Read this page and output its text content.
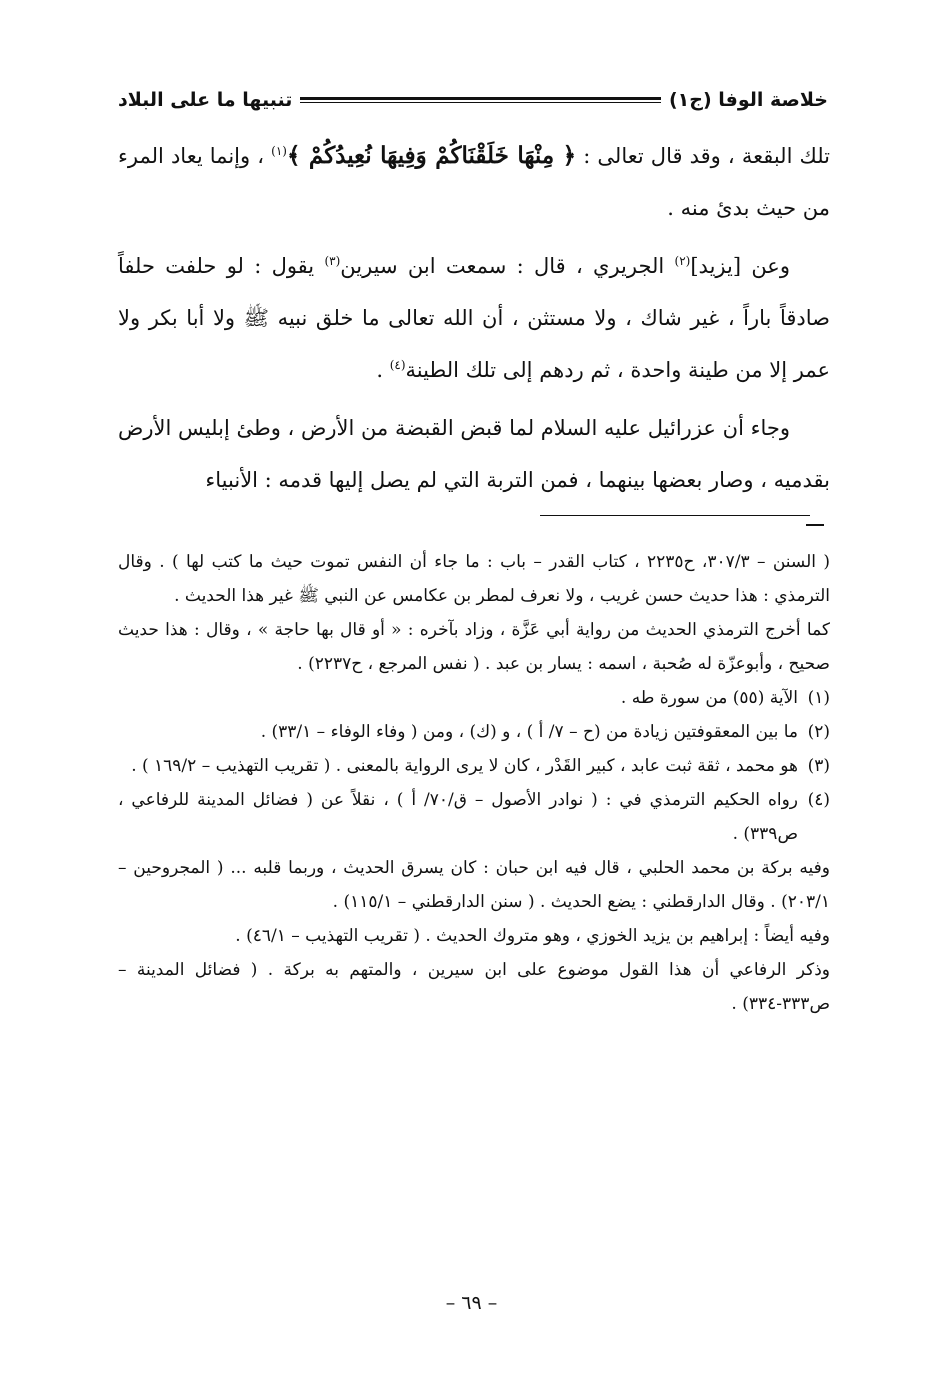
خلاصة الوفا (ج١)
تنبيها ما على البلاد

تلك البقعة ، وقد قال تعالى : ﴿ مِنْهَا خَلَقْنَاكُمْ وَفِيهَا نُعِيدُكُمْ ﴾$^{(١)}$ ، وإنما يعاد المرء من حيث بدئ منه .

وعن [يزيد]$^{(٢)}$ الجريري ، قال : سمعت ابن سيرين$^{(٣)}$ يقول : لو حلفت حلفاً صادقاً باراً ، غير شاك ، ولا مستثن ، أن الله تعالى ما خلق نبيه ﷺ ولا أبا بكر ولا عمر إلا من طينة واحدة ، ثم ردهم إلى تلك الطينة$^{(٤)}$ .

وجاء أن عزرائيل عليه السلام لما قبض القبضة من الأرض ، وطئ إبليس الأرض بقدميه ، وصار بعضها بينهما ، فمن التربة التي لم يصل إليها قدمه : الأنبياء

( السنن – ٣٠٧/٣، ح٢٢٣٥ ، كتاب القدر – باب : ما جاء أن النفس تموت حيث ما كتب لها ) . وقال الترمذي : هذا حديث حسن غريب ، ولا نعرف لمطر بن عكامس عن النبي ﷺ غير هذا الحديث .

كما أخرج الترمذي الحديث من رواية أبي عَزَّة ، وزاد بآخره : « أو قال بها حاجة » ، وقال : هذا حديث صحيح ، وأبوعزّة له صُحبة ، اسمه : يسار بن عبد . ( نفس المرجع ، ح٢٢٣٧) .

(١)
الآية (٥٥) من سورة طه .

(٢)
ما بين المعقوفتين زيادة من (ح – ٧/ أ ) ، و (ك) ، ومن ( وفاء الوفاء – ٣٣/١) .

(٣)
هو محمد ، ثقة ثبت عابد ، كبير القَدْر ، كان لا يرى الرواية بالمعنى . ( تقريب التهذيب – ١٦٩/٢ ) .

(٤)
رواه الحكيم الترمذي في : ( نوادر الأصول – ق/٧٠/ أ ) ، نقلاً عن ( فضائل المدينة للرفاعي ، ص٣٣٩) .

وفيه بركة بن محمد الحلبي ، قال فيه ابن حبان : كان يسرق الحديث ، وربما قلبه ... ( المجروحين – ٢٠٣/١) . وقال الدارقطني : يضع الحديث . ( سنن الدارقطني – ١١٥/١) .

وفيه أيضاً : إبراهيم بن يزيد الخوزي ، وهو متروك الحديث . ( تقريب التهذيب – ٤٦/١) .

وذكر الرفاعي أن هذا القول موضوع على ابن سيرين ، والمتهم به بركة . ( فضائل المدينة – ص٣٣٣-٣٣٤) .

– ٦٩ –
